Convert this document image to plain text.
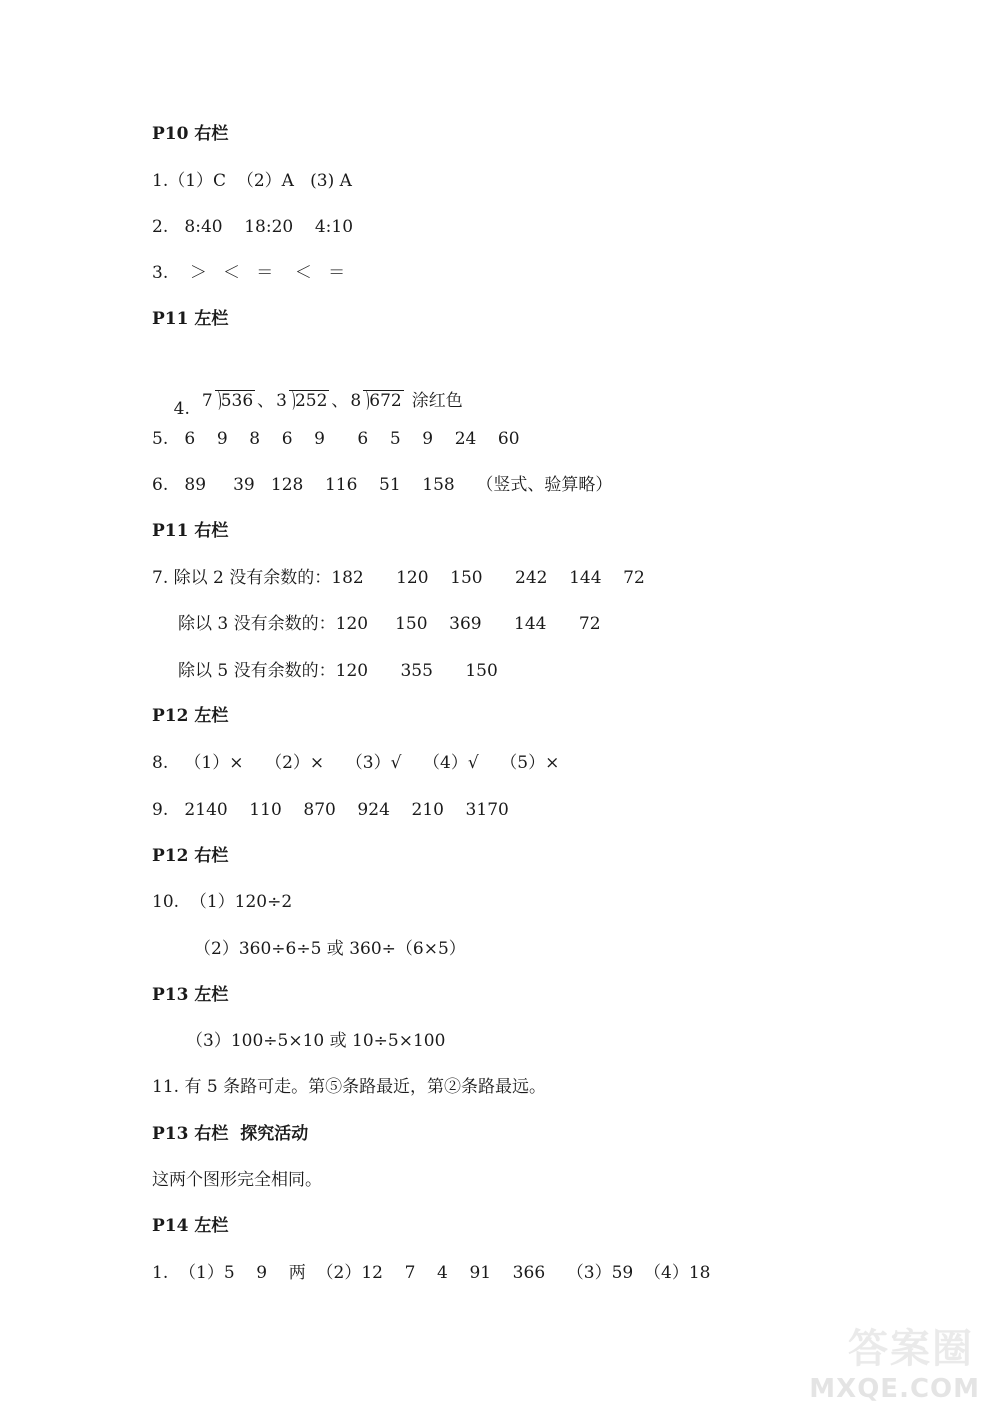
P10 右栏
1.（1）C  （2）A   (3) A
2.   8:40    18:20    4:10
3.    ＞   ＜   ＝    ＜   ＝
P11 左栏

4. 7 536 、 3 252 、 8 672 涂红色

5.   6    9    8    6    9      6    5    9    24    60
6.   89     39   128    116    51    158    （竖式、验算略）
P11 右栏
7. 除以 2 没有余数的：182      120    150      242    144    72
除以 3 没有余数的：120     150    369      144      72
除以 5 没有余数的：120      355      150
P12 左栏
8.   （1）×    （2）×    （3）√    （4）√    （5）×
9.   2140    110    870    924    210    3170
P12 右栏
10.  （1）120÷2
（2）360÷6÷5 或 360÷（6×5）
P13 左栏
（3）100÷5×10 或 10÷5×100
11. 有 5 条路可走。第⑤条路最近，第②条路最远。
P13 右栏  探究活动
这两个图形完全相同。
P14 左栏
1.  （1）5    9    两  （2）12    7    4    91    366    （3）59  （4）18
答案圈
MXQE.COM
